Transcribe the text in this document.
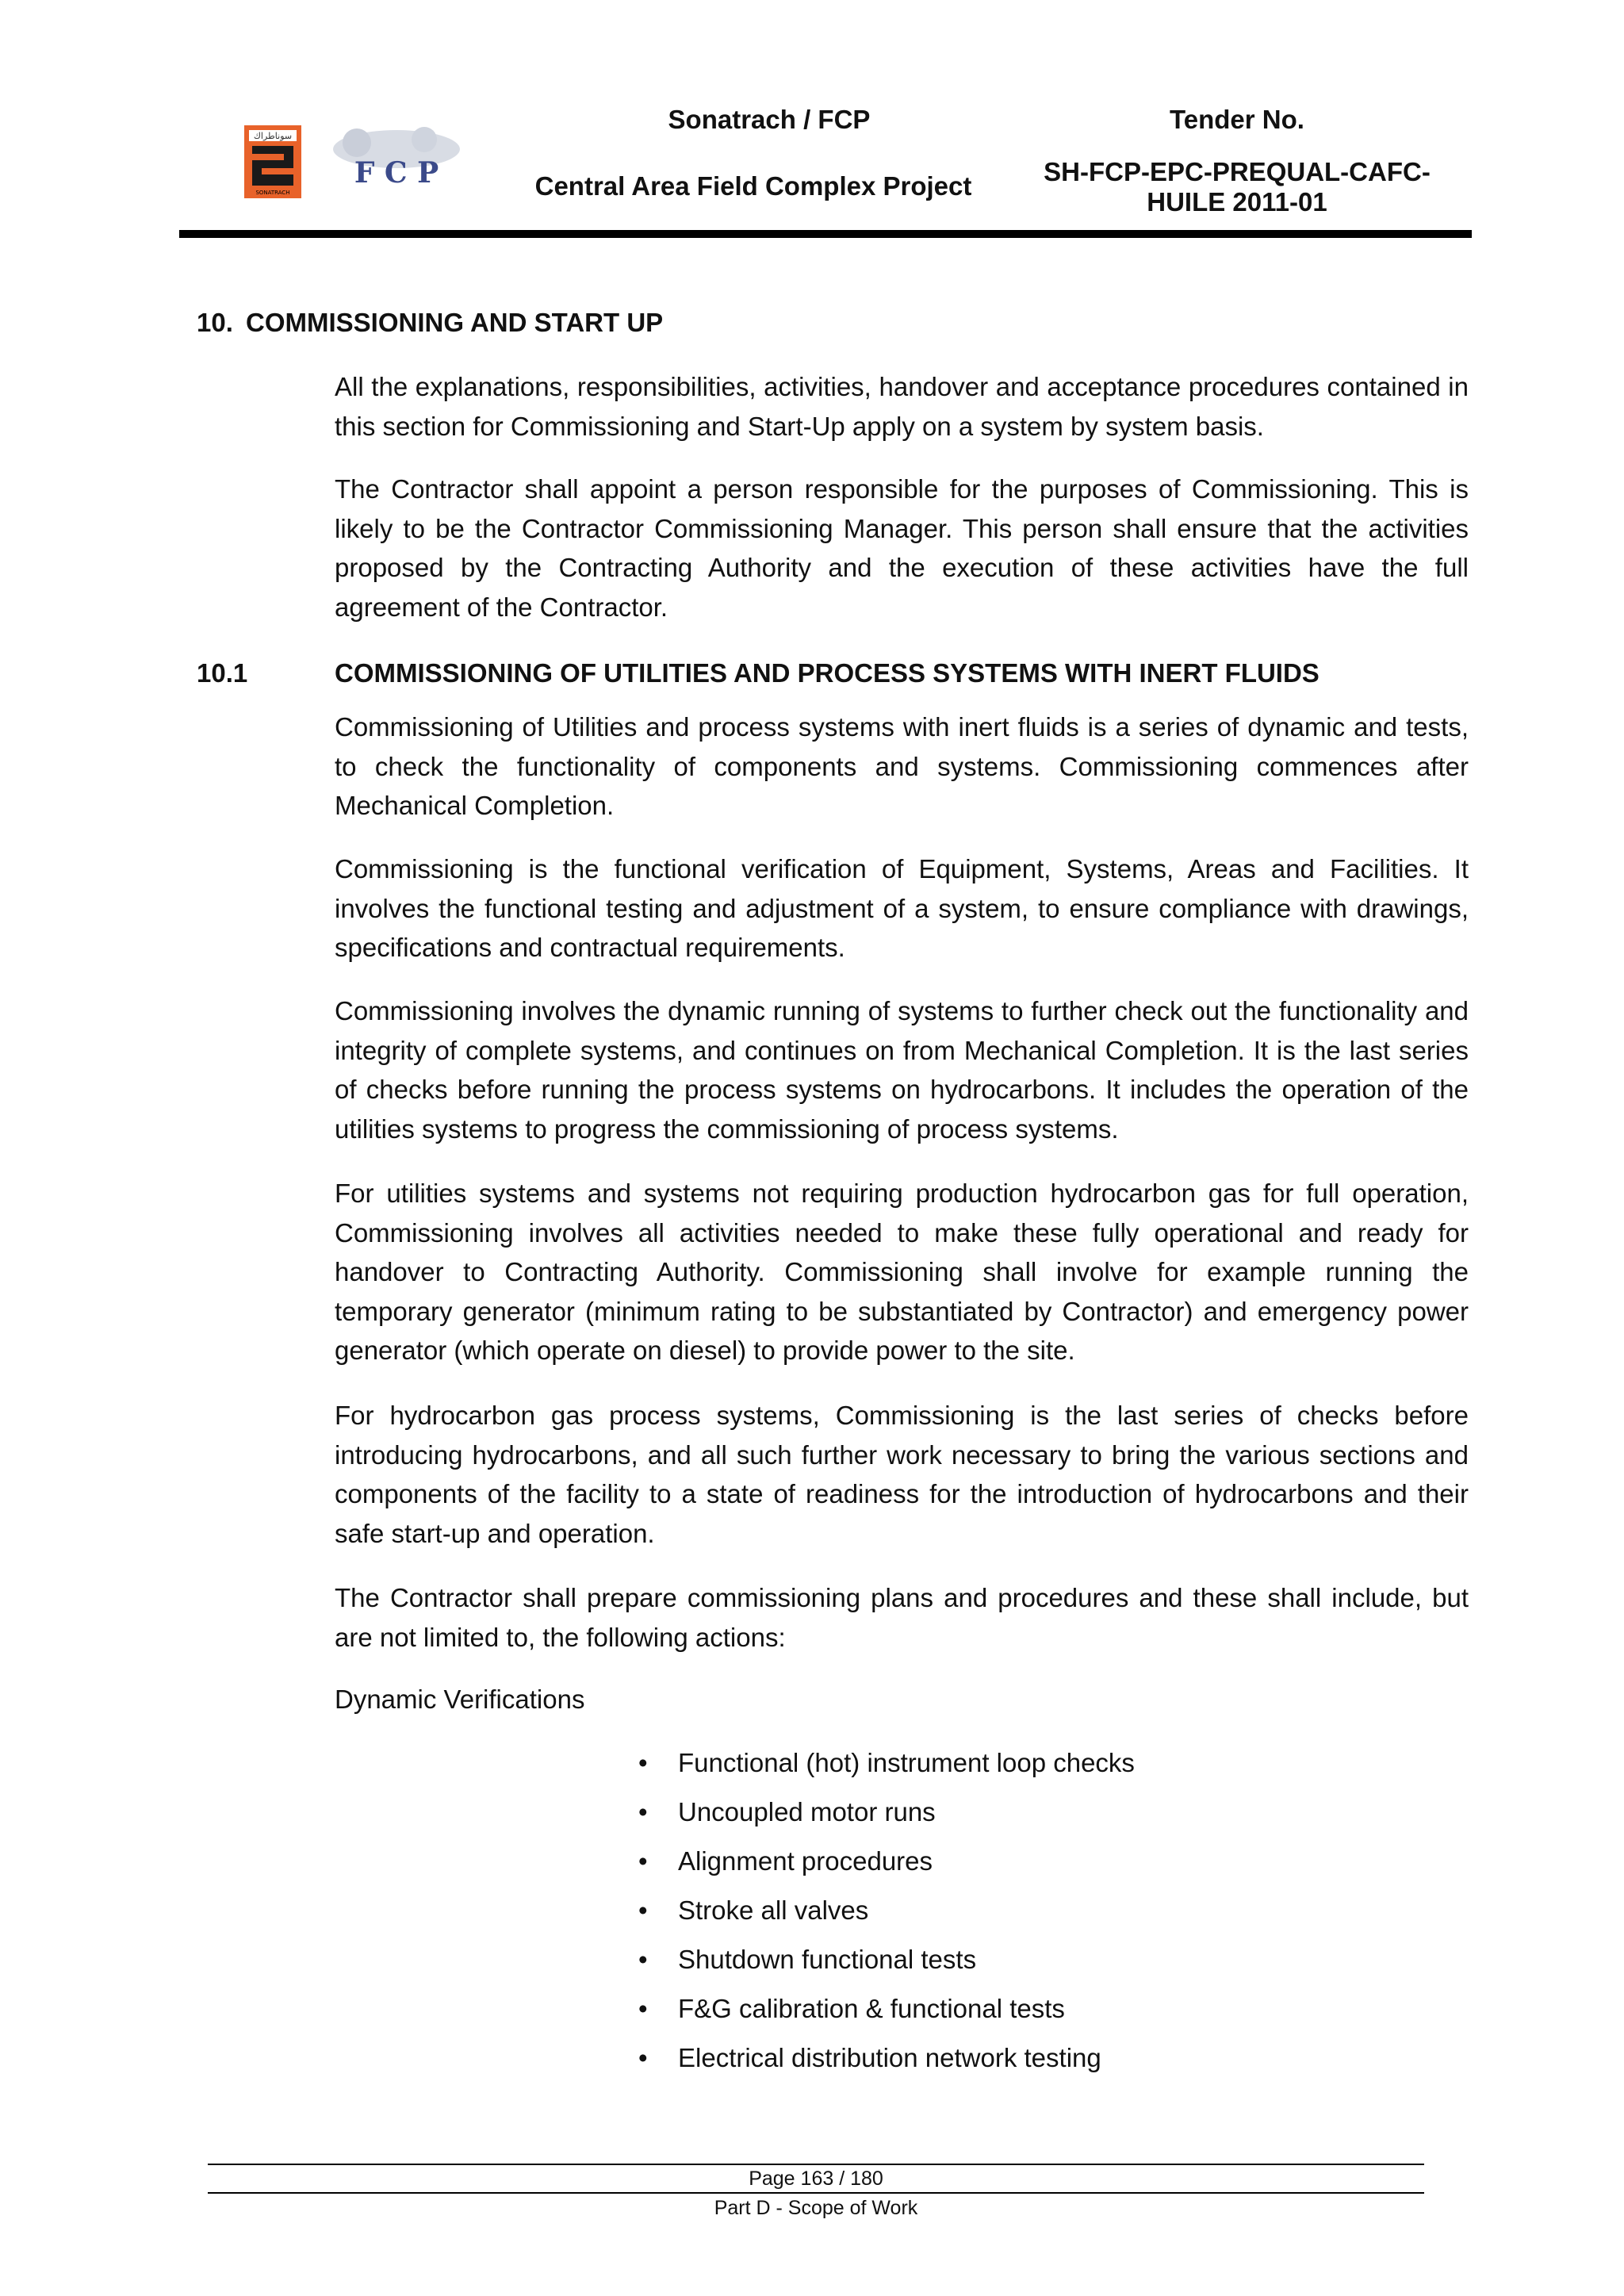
سوناطراك
SONATRACH
F C P
Sonatrach / FCP
Central Area Field Complex Project
Tender No.
SH-FCP-EPC-PREQUAL-CAFC-HUILE 2011-01
10. COMMISSIONING AND START UP
All the explanations, responsibilities, activities, handover and acceptance procedures contained in this section for Commissioning and Start-Up apply on a system by system basis.
The Contractor shall appoint a person responsible for the purposes of Commissioning. This is likely to be the Contractor Commissioning Manager. This person shall ensure that the activities proposed by the Contracting Authority and the execution of these activities have the full agreement of the Contractor.
10.1	COMMISSIONING OF UTILITIES AND PROCESS SYSTEMS WITH INERT FLUIDS
Commissioning of Utilities and process systems with inert fluids is a series of dynamic and tests, to check the functionality of components and systems. Commissioning commences after Mechanical Completion.
Commissioning is the functional verification of Equipment, Systems, Areas and Facilities. It involves the functional testing and adjustment of a system, to ensure compliance with drawings, specifications and contractual requirements.
Commissioning involves the dynamic running of systems to further check out the functionality and integrity of complete systems, and continues on from Mechanical Completion. It is the last series of checks before running the process systems on hydrocarbons. It includes the operation of the utilities systems to progress the commissioning of process systems.
For utilities systems and systems not requiring production hydrocarbon gas for full operation, Commissioning involves all activities needed to make these fully operational and ready for handover to Contracting Authority. Commissioning shall involve for example running the temporary generator (minimum rating to be substantiated by Contractor) and emergency power generator (which operate on diesel) to provide power to the site.
For hydrocarbon gas process systems, Commissioning is the last series of checks before introducing hydrocarbons, and all such further work necessary to bring the various sections and components of the facility to a state of readiness for the introduction of hydrocarbons and their safe start-up and operation.
The Contractor shall prepare commissioning plans and procedures and these shall include, but are not limited to, the following actions:
Dynamic Verifications
• Functional (hot) instrument loop checks
• Uncoupled motor runs
• Alignment procedures
• Stroke all valves
• Shutdown functional tests
• F&G calibration & functional tests
• Electrical distribution network testing
Page 163 / 180
Part D - Scope of Work
